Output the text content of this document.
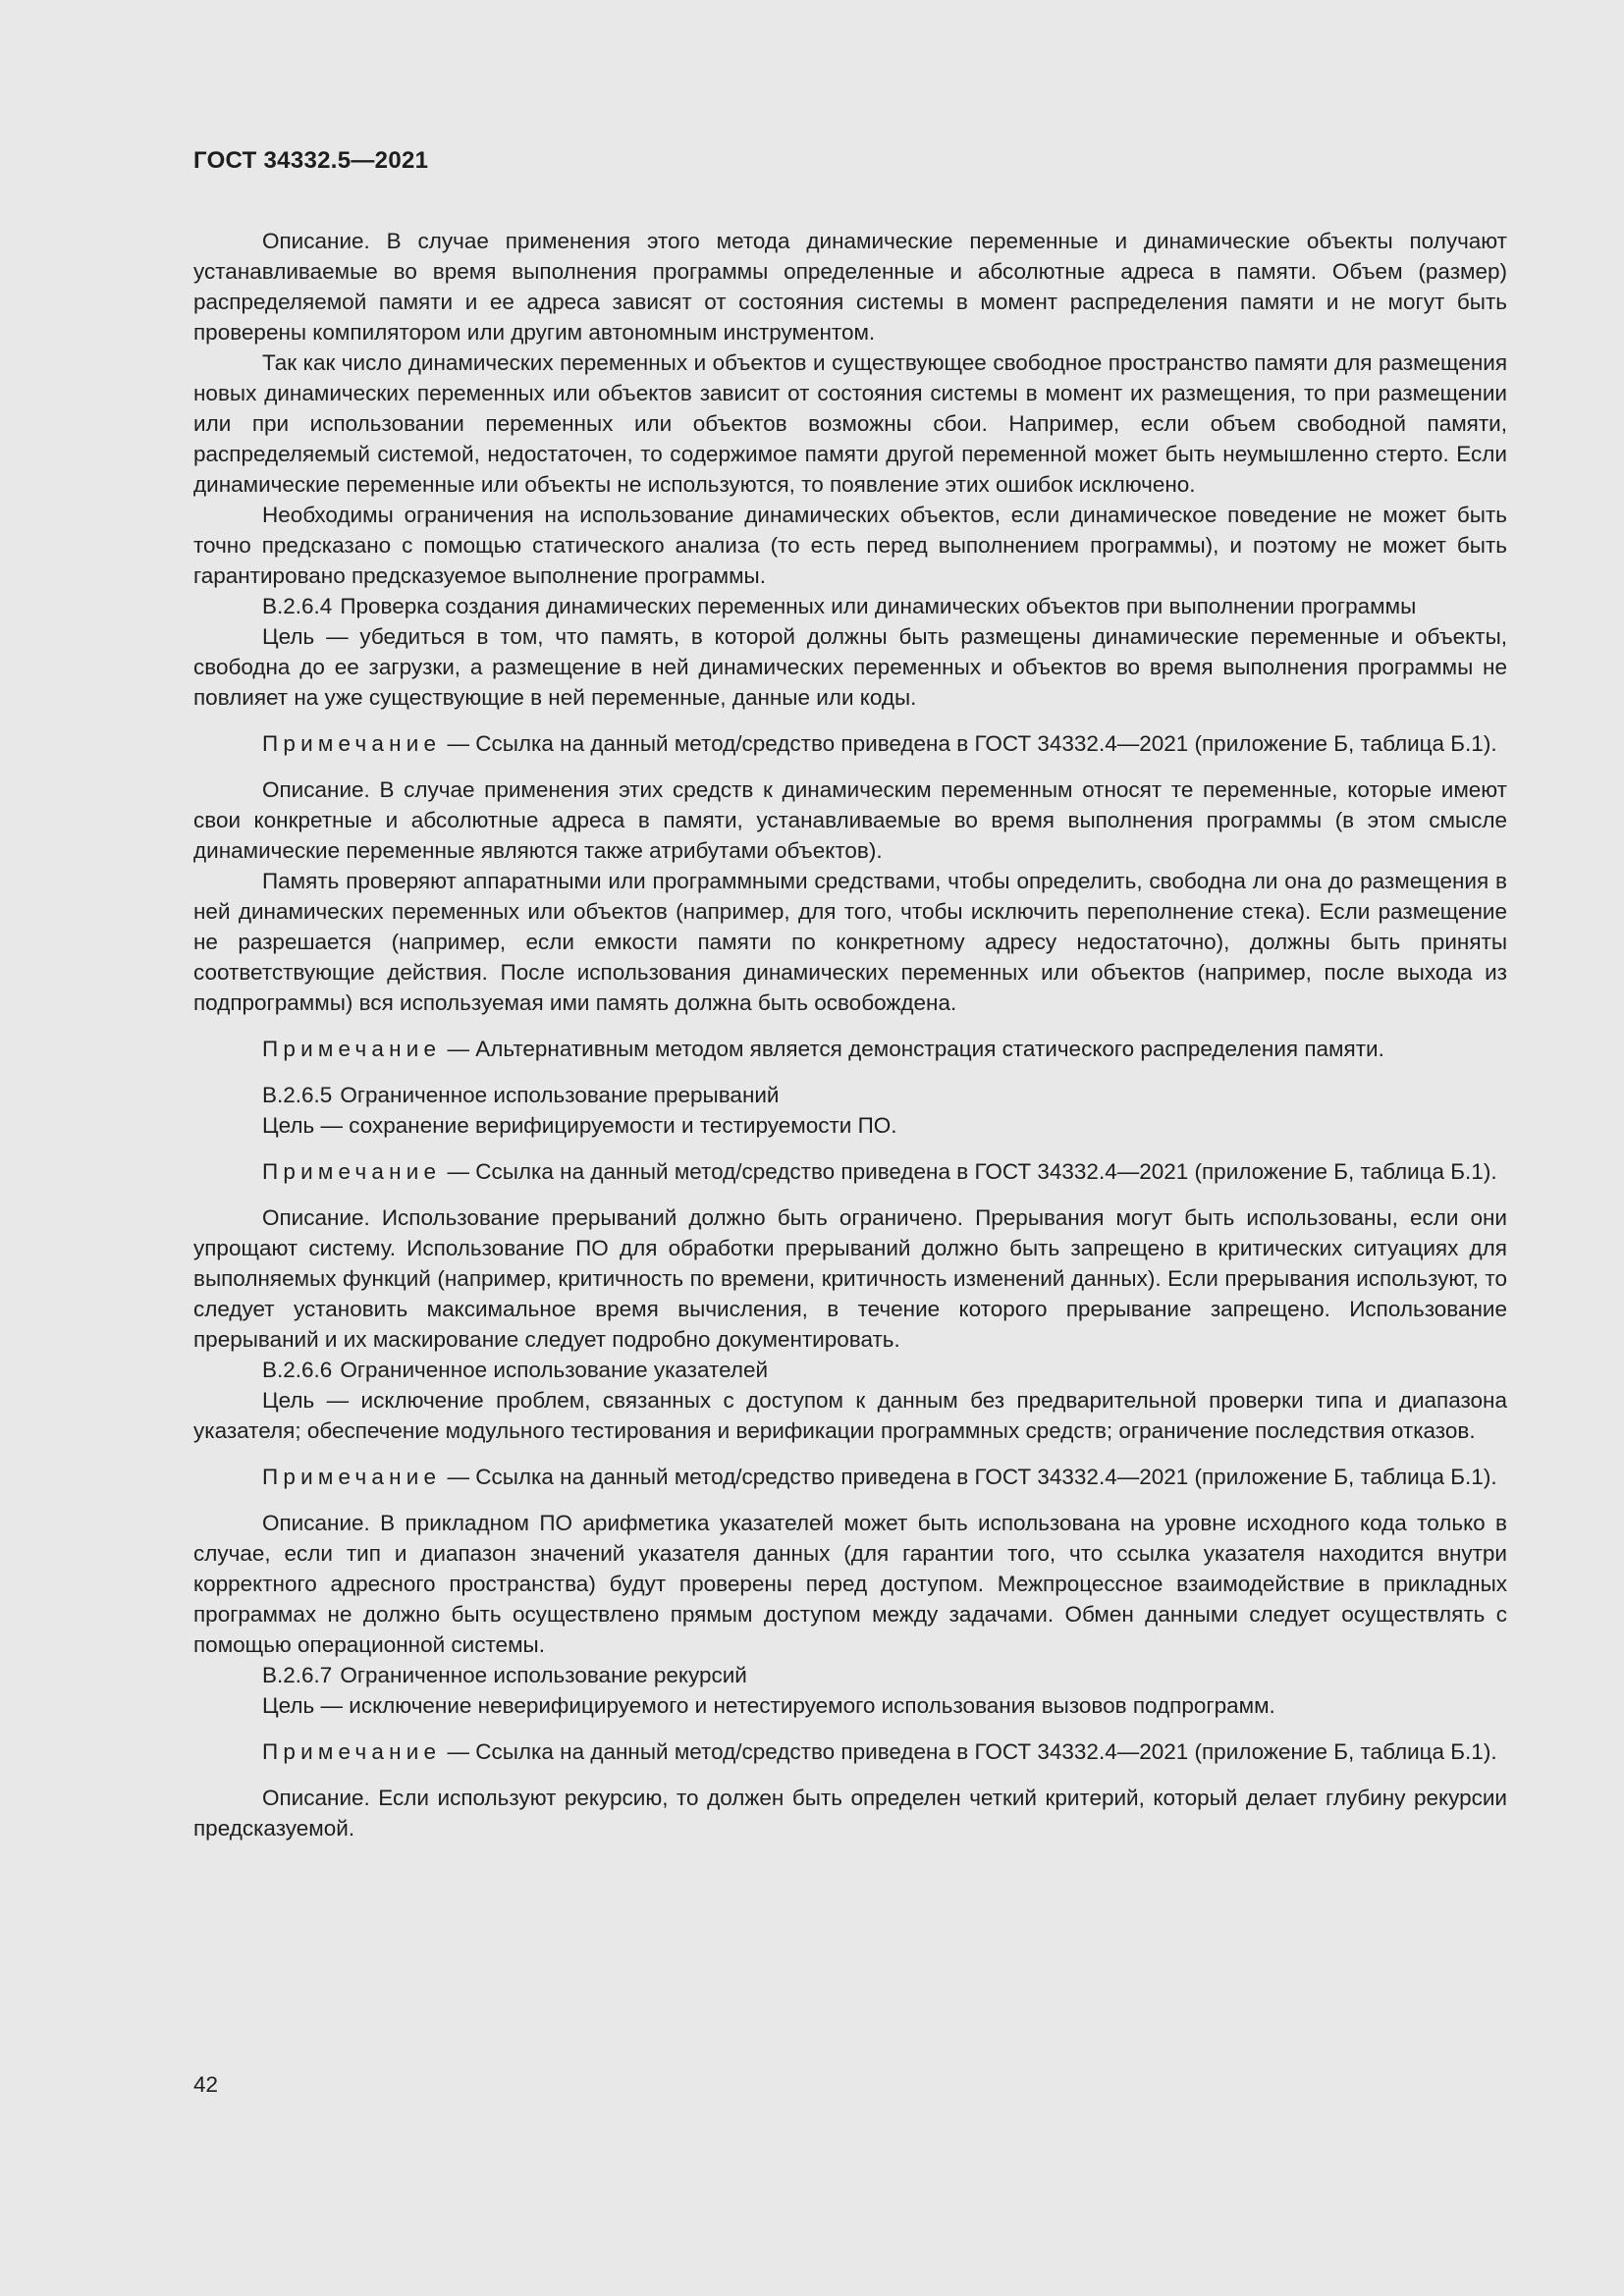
ГОСТ 34332.5—2021

Описание. В случае применения этого метода динамические переменные и динамические объекты получают устанавливаемые во время выполнения программы определенные и абсолютные адреса в памяти. Объем (размер) распределяемой памяти и ее адреса зависят от состояния системы в момент распределения памяти и не могут быть проверены компилятором или другим автономным инструментом.

Так как число динамических переменных и объектов и существующее свободное пространство памяти для размещения новых динамических переменных или объектов зависит от состояния системы в момент их размещения, то при размещении или при использовании переменных или объектов возможны сбои. Например, если объем свободной памяти, распределяемый системой, недостаточен, то содержимое памяти другой переменной может быть неумышленно стерто. Если динамические переменные или объекты не используются, то появление этих ошибок исключено.

Необходимы ограничения на использование динамических объектов, если динамическое поведение не может быть точно предсказано с помощью статического анализа (то есть перед выполнением программы), и поэтому не может быть гарантировано предсказуемое выполнение программы.

В.2.6.4 Проверка создания динамических переменных или динамических объектов при выполнении программы

Цель — убедиться в том, что память, в которой должны быть размещены динамические переменные и объекты, свободна до ее загрузки, а размещение в ней динамических переменных и объектов во время выполнения программы не повлияет на уже существующие в ней переменные, данные или коды.

Примечание — Ссылка на данный метод/средство приведена в ГОСТ 34332.4—2021 (приложение Б, таблица Б.1).

Описание. В случае применения этих средств к динамическим переменным относят те переменные, которые имеют свои конкретные и абсолютные адреса в памяти, устанавливаемые во время выполнения программы (в этом смысле динамические переменные являются также атрибутами объектов).

Память проверяют аппаратными или программными средствами, чтобы определить, свободна ли она до размещения в ней динамических переменных или объектов (например, для того, чтобы исключить переполнение стека). Если размещение не разрешается (например, если емкости памяти по конкретному адресу недостаточно), должны быть приняты соответствующие действия. После использования динамических переменных или объектов (например, после выхода из подпрограммы) вся используемая ими память должна быть освобождена.

Примечание — Альтернативным методом является демонстрация статического распределения памяти.

В.2.6.5 Ограниченное использование прерываний

Цель — сохранение верифицируемости и тестируемости ПО.

Примечание — Ссылка на данный метод/средство приведена в ГОСТ 34332.4—2021 (приложение Б, таблица Б.1).

Описание. Использование прерываний должно быть ограничено. Прерывания могут быть использованы, если они упрощают систему. Использование ПО для обработки прерываний должно быть запрещено в критических ситуациях для выполняемых функций (например, критичность по времени, критичность изменений данных). Если прерывания используют, то следует установить максимальное время вычисления, в течение которого прерывание запрещено. Использование прерываний и их маскирование следует подробно документировать.

В.2.6.6 Ограниченное использование указателей

Цель — исключение проблем, связанных с доступом к данным без предварительной проверки типа и диапазона указателя; обеспечение модульного тестирования и верификации программных средств; ограничение последствия отказов.

Примечание — Ссылка на данный метод/средство приведена в ГОСТ 34332.4—2021 (приложение Б, таблица Б.1).

Описание. В прикладном ПО арифметика указателей может быть использована на уровне исходного кода только в случае, если тип и диапазон значений указателя данных (для гарантии того, что ссылка указателя находится внутри корректного адресного пространства) будут проверены перед доступом. Межпроцессное взаимодействие в прикладных программах не должно быть осуществлено прямым доступом между задачами. Обмен данными следует осуществлять с помощью операционной системы.

В.2.6.7 Ограниченное использование рекурсий

Цель — исключение неверифицируемого и нетестируемого использования вызовов подпрограмм.

Примечание — Ссылка на данный метод/средство приведена в ГОСТ 34332.4—2021 (приложение Б, таблица Б.1).

Описание. Если используют рекурсию, то должен быть определен четкий критерий, который делает глубину рекурсии предсказуемой.

42
